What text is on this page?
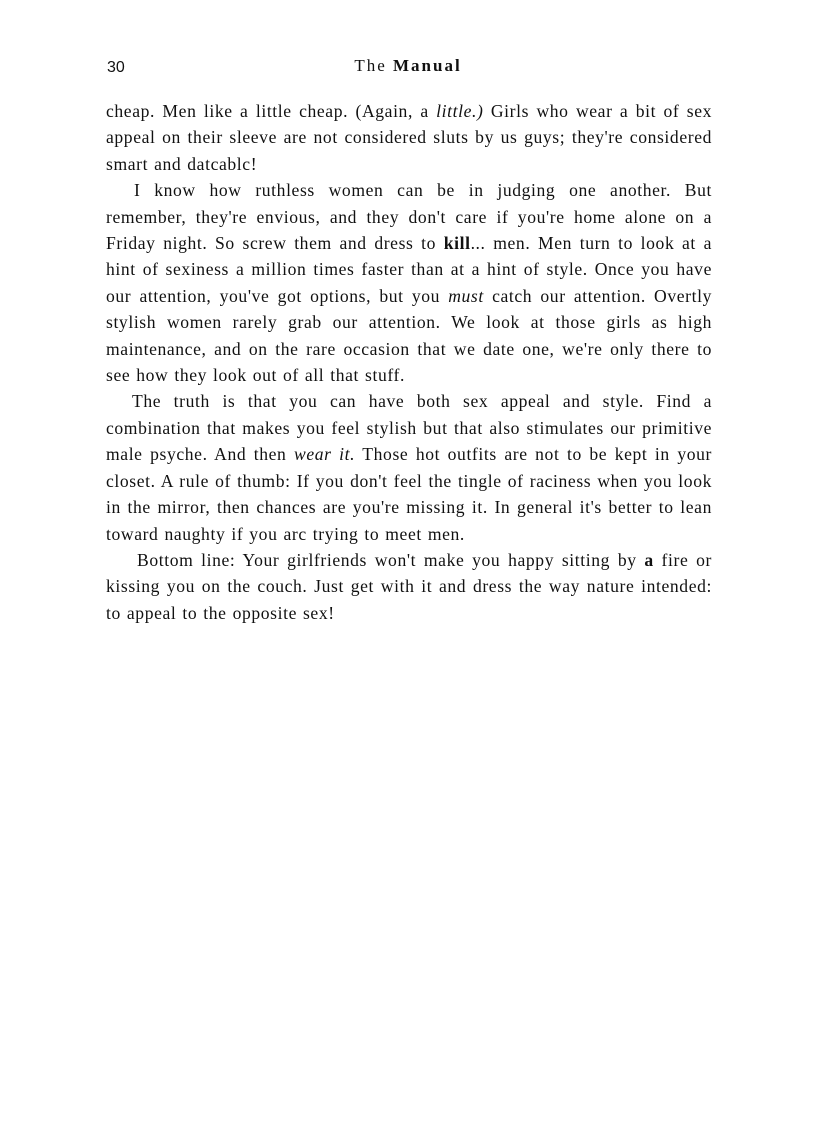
30	The Manual

cheap. Men like a little cheap. (Again, a little.) Girls who wear a bit of sex appeal on their sleeve are not considered sluts by us guys; they're considered smart and datcablc!

I know how ruthless women can be in judging one another. But remember, they're envious, and they don't care if you're home alone on a Friday night. So screw them and dress to kill... men. Men turn to look at a hint of sexiness a million times faster than at a hint of style. Once you have our attention, you've got options, but you must catch our attention. Overtly stylish women rarely grab our attention. We look at those girls as high maintenance, and on the rare occasion that we date one, we're only there to see how they look out of all that stuff.

The truth is that you can have both sex appeal and style. Find a combination that makes you feel stylish but that also stimulates our primitive male psyche. And then wear it. Those hot outfits are not to be kept in your closet. A rule of thumb: If you don't feel the tingle of raciness when you look in the mirror, then chances are you're missing it. In general it's better to lean toward naughty if you arc trying to meet men.

Bottom line: Your girlfriends won't make you happy sitting by a fire or kissing you on the couch. Just get with it and dress the way nature intended: to appeal to the opposite sex!
